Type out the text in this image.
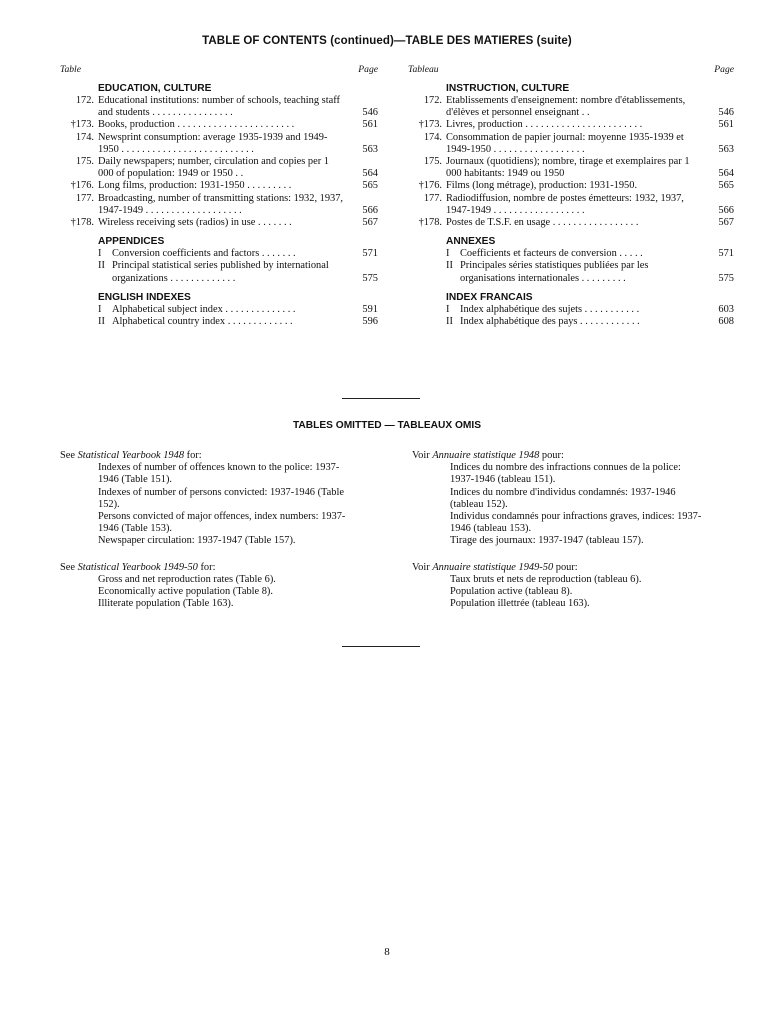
TABLE OF CONTENTS (continued)—TABLE DES MATIERES (suite)
Table	Page
EDUCATION, CULTURE
172. Educational institutions: number of schools, teaching staff and students . . . . . . . . . . . . . . . .	546
†173. Books, production . . . . . . . . . . . . . . . . . . . . . . .	561
174. Newsprint consumption: average 1935-1939 and 1949-1950 . . . . . . . . . . . . . . . . . . . . . . . . . .	563
175. Daily newspapers; number, circulation and copies per 1 000 of population: 1949 or 1950 . .	564
†176. Long films, production: 1931-1950 . . . . . . . . .	565
177. Broadcasting, number of transmitting stations: 1932, 1937, 1947-1949 . . . . . . . . . . . . . . . . . . .	566
†178. Wireless receiving sets (radios) in use . . . . . . .	567
APPENDICES
I	Conversion coefficients and factors . . . . . . .	571
II Principal statistical series published by international organizations . . . . . . . . . . . . .	575
ENGLISH INDEXES
I	Alphabetical subject index . . . . . . . . . . . . . .	591
II Alphabetical country index . . . . . . . . . . . . .	596
Tableau	Page
INSTRUCTION, CULTURE
172. Etablissements d'enseignement: nombre d'établissements, d'élèves et personnel enseignant . .	546
†173. Livres, production . . . . . . . . . . . . . . . . . . . . . . .	561
174. Consommation de papier journal: moyenne 1935-1939 et 1949-1950 . . . . . . . . . . . . . . . . . .	563
175. Journaux (quotidiens); nombre, tirage et exemplaires par 1 000 habitants: 1949 ou 1950	564
†176. Films (long métrage), production: 1931-1950.	565
177. Radiodiffusion, nombre de postes émetteurs: 1932, 1937, 1947-1949 . . . . . . . . . . . . . . . . . .	566
†178. Postes de T.S.F. en usage . . . . . . . . . . . . . . . . .	567
ANNEXES
I	Coefficients et facteurs de conversion . . . . .	571
II Principales séries statistiques publiées par les organisations internationales . . . . . . . . .	575
INDEX FRANCAIS
I	Index alphabétique des sujets . . . . . . . . . . .	603
II Index alphabétique des pays . . . . . . . . . . . .	608
TABLES OMITTED — TABLEAUX OMIS
See Statistical Yearbook 1948 for:
Indexes of number of offences known to the police: 1937-1946 (Table 151).
Indexes of number of persons convicted: 1937-1946 (Table 152).
Persons convicted of major offences, index numbers: 1937-1946 (Table 153).
Newspaper circulation: 1937-1947 (Table 157).
See Statistical Yearbook 1949-50 for:
Gross and net reproduction rates (Table 6).
Economically active population (Table 8).
Illiterate population (Table 163).
Voir Annuaire statistique 1948 pour:
Indices du nombre des infractions connues de la police: 1937-1946 (tableau 151).
Indices du nombre d'individus condamnés: 1937-1946 (tableau 152).
Individus condamnés pour infractions graves, indices: 1937-1946 (tableau 153).
Tirage des journaux: 1937-1947 (tableau 157).
Voir Annuaire statistique 1949-50 pour:
Taux bruts et nets de reproduction (tableau 6).
Population active (tableau 8).
Population illettrée (tableau 163).
8
